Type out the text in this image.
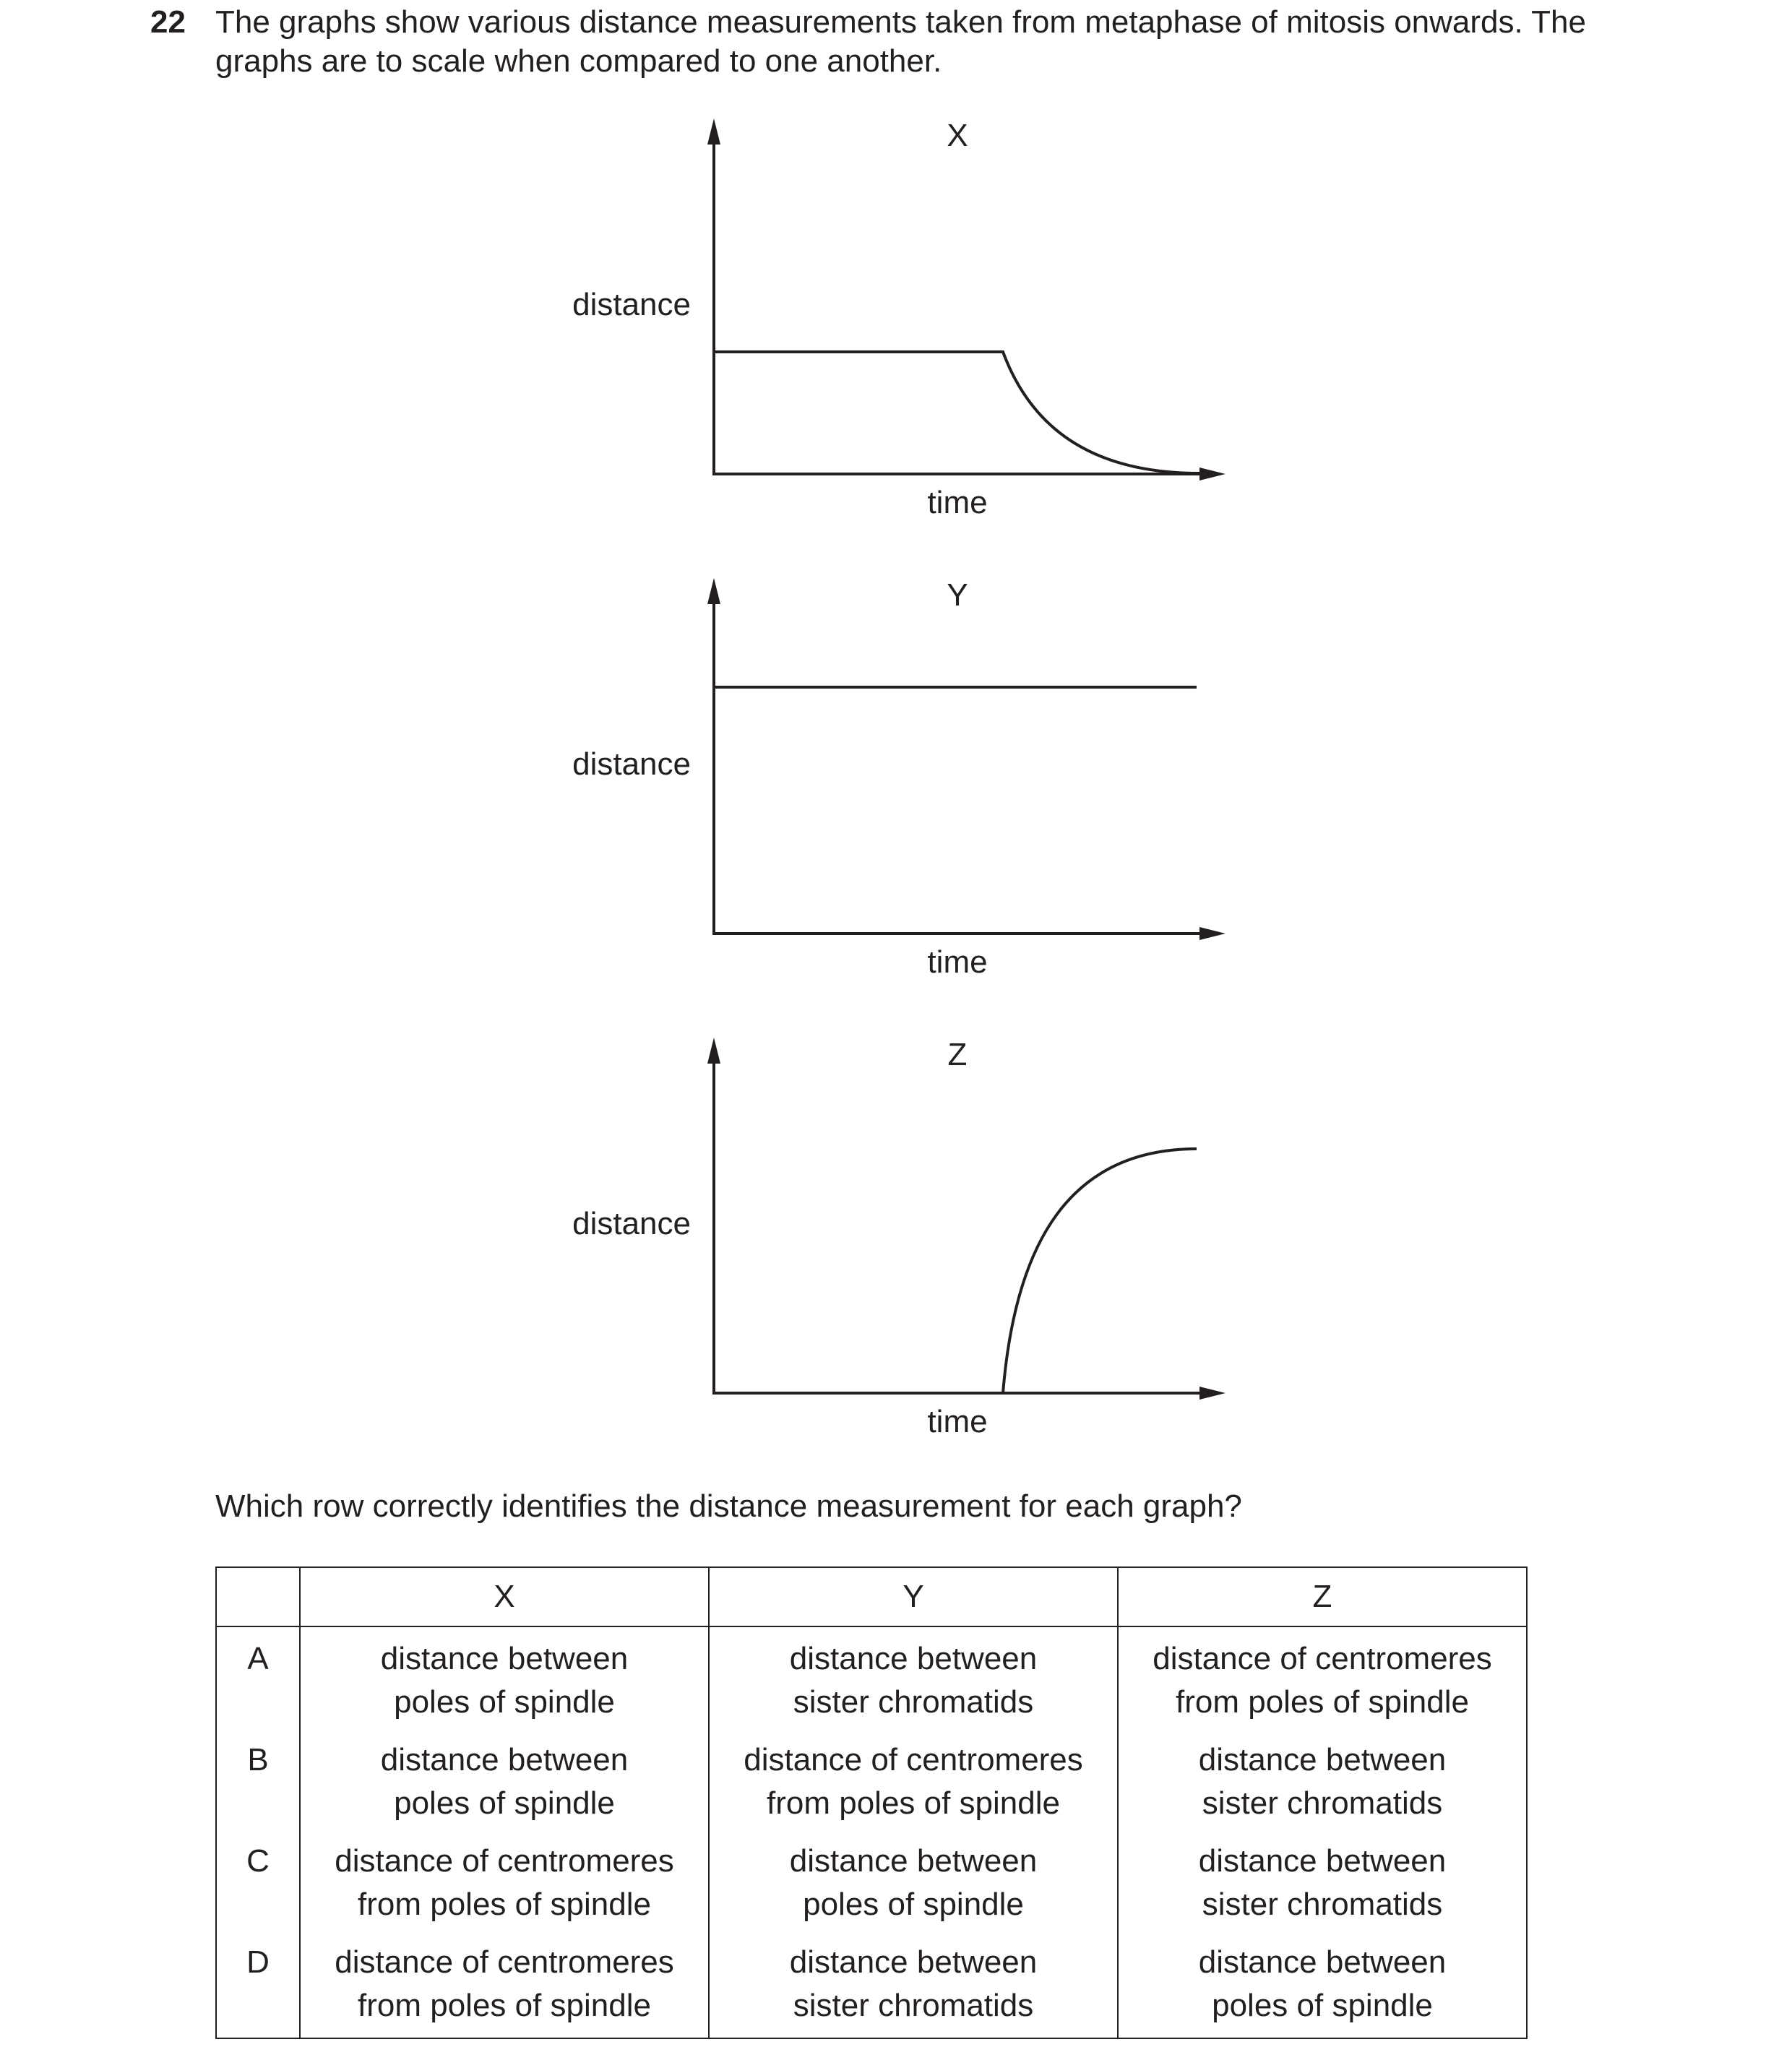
22 The graphs show various distance measurements taken from metaphase of mitosis onwards. The
graphs are to scale when compared to one another.
X
distance
time
Y
distance
time
Z
distance
time
Which row correctly identifies the distance measurement for each graph?
	X	Y	Z
A	distance between
poles of spindle	distance between
sister chromatids	distance of centromeres
from poles of spindle

B	distance between
poles of spindle	distance of centromeres
from poles of spindle	distance between
sister chromatids

C	distance of centromeres
from poles of spindle	distance between
poles of spindle	distance between
sister chromatids

D	distance of centromeres
from poles of spindle	distance between
sister chromatids	distance between
poles of spindle
